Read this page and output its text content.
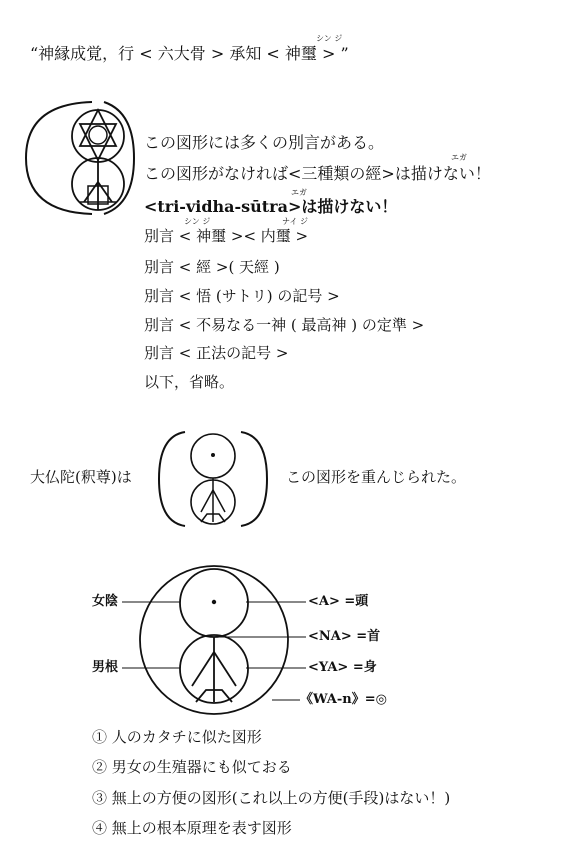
シン ジ
“神縁成覚，行 < 六大骨 > 承知 < 神璽 > ”
エガ
エガ
シン ジ	ナイ ジ
この図形には多くの別言がある。
この図形がなければ<三種類の經>は描けない！
<tri-vidha-sūtra>は描けない！
別言 < 神璽 >< 内璽 >
別言 < 經 >( 天經 )
別言 < 悟 (サトリ) の記号 >
別言 < 不易なる一神 ( 最高神 ) の定準 >
別言 < 正法の記号 >
以下，省略。
大仏陀(釈尊)は	この図形を重んじられた。
女陰
男根
<A> =頭
<NA> =首
<YA> =身
《WA-n》=◎
① 人のカタチに似た図形
② 男女の生殖器にも似ておる
③ 無上の方便の図形(これ以上の方便(手段)はない！)
④ 無上の根本原理を表す図形
